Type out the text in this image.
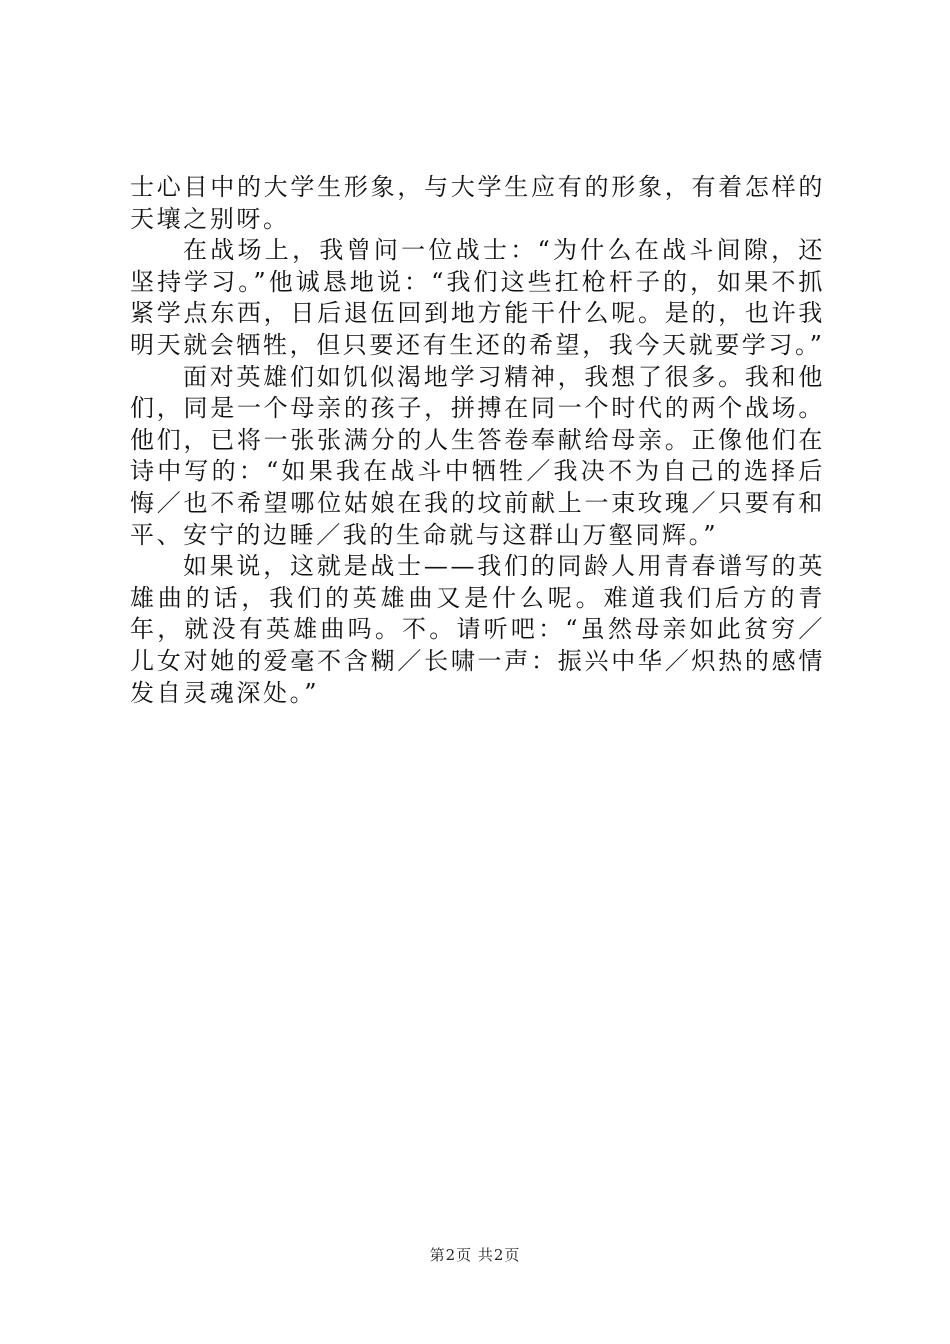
士心目中的大学生形象，与大学生应有的形象，有着怎样的天壤之别呀。

在战场上，我曾问一位战士：“为什么在战斗间隙，还坚持学习。”他诚恳地说：“我们这些扛枪杆子的，如果不抓紧学点东西，日后退伍回到地方能干什么呢。是的，也许我明天就会牺牲，但只要还有生还的希望，我今天就要学习。”

面对英雄们如饥似渴地学习精神，我想了很多。我和他们，同是一个母亲的孩子，拼搏在同一个时代的两个战场。他们，已将一张张满分的人生答卷奉献给母亲。正像他们在诗中写的：“如果我在战斗中牺牲／我决不为自己的选择后悔／也不希望哪位姑娘在我的坟前献上一束玫瑰／只要有和平、安宁的边睡／我的生命就与这群山万壑同辉。”

如果说，这就是战士——我们的同龄人用青春谱写的英雄曲的话，我们的英雄曲又是什么呢。难道我们后方的青年，就没有英雄曲吗。不。请听吧：“虽然母亲如此贫穷／儿女对她的爱毫不含糊／长啸一声：振兴中华／炽热的感情发自灵魂深处。”

第2页 共2页
